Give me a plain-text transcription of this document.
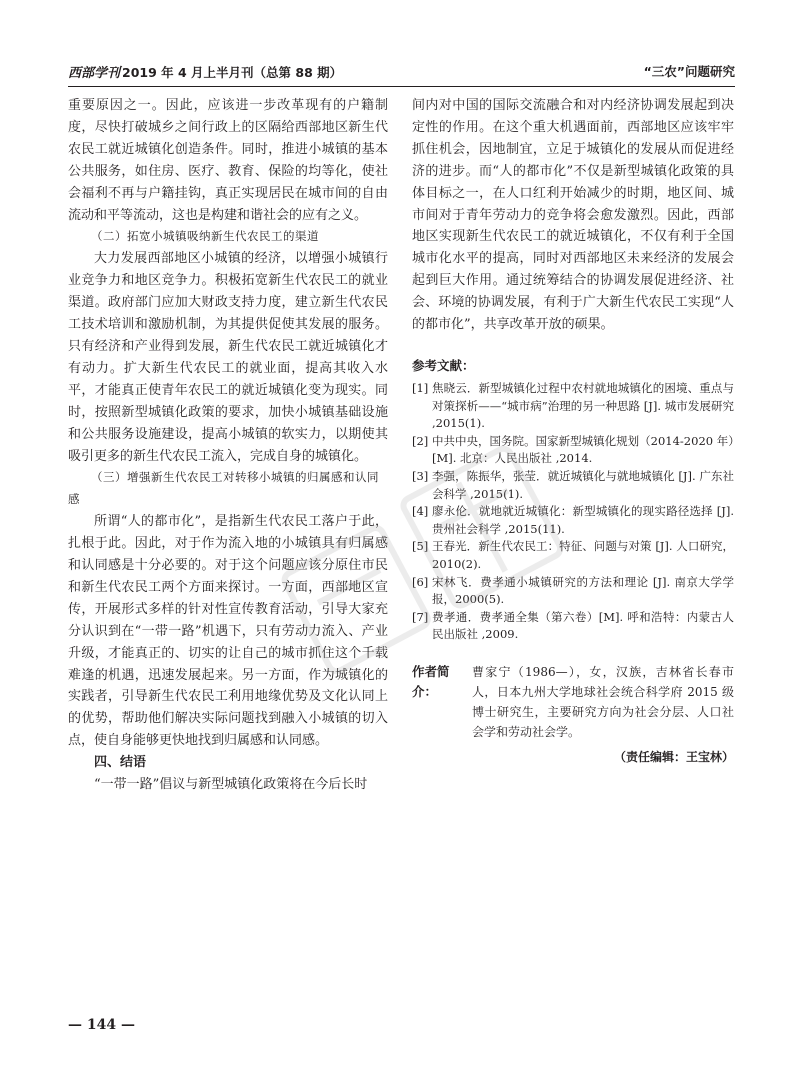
西部学刊 2019 年 4 月上半月刊（总第 88 期）	“三农”问题研究

重要原因之一。因此，应该进一步改革现有的户籍制度，尽快打破城乡之间行政上的区隔给西部地区新生代农民工就近城镇化创造条件。同时，推进小城镇的基本公共服务，如住房、医疗、教育、保险的均等化，使社会福利不再与户籍挂钩，真正实现居民在城市间的自由流动和平等流动，这也是构建和谐社会的应有之义。

（二）拓宽小城镇吸纳新生代农民工的渠道

大力发展西部地区小城镇的经济，以增强小城镇行业竞争力和地区竞争力。积极拓宽新生代农民工的就业渠道。政府部门应加大财政支持力度，建立新生代农民工技术培训和激励机制，为其提供促使其发展的服务。只有经济和产业得到发展，新生代农民工就近城镇化才有动力。扩大新生代农民工的就业面，提高其收入水平，才能真正使青年农民工的就近城镇化变为现实。同时，按照新型城镇化政策的要求，加快小城镇基础设施和公共服务设施建设，提高小城镇的软实力，以期使其吸引更多的新生代农民工流入，完成自身的城镇化。

（三）增强新生代农民工对转移小城镇的归属感和认同感

所谓“人的都市化”，是指新生代农民工落户于此，扎根于此。因此，对于作为流入地的小城镇具有归属感和认同感是十分必要的。对于这个问题应该分原住市民和新生代农民工两个方面来探讨。一方面，西部地区宣传，开展形式多样的针对性宣传教育活动，引导大家充分认识到在“一带一路”机遇下，只有劳动力流入、产业升级，才能真正的、切实的让自己的城市抓住这个千载难逢的机遇，迅速发展起来。另一方面，作为城镇化的实践者，引导新生代农民工利用地缘优势及文化认同上的优势，帮助他们解决实际问题找到融入小城镇的切入点，使自身能够更快地找到归属感和认同感。

四、结语

“一带一路”倡议与新型城镇化政策将在今后长时

间内对中国的国际交流融合和对内经济协调发展起到决定性的作用。在这个重大机遇面前，西部地区应该牢牢抓住机会，因地制宜，立足于城镇化的发展从而促进经济的进步。而“人的都市化”不仅是新型城镇化政策的具体目标之一，在人口红利开始减少的时期，地区间、城市间对于青年劳动力的竞争将会愈发激烈。因此，西部地区实现新生代农民工的就近城镇化，不仅有利于全国城市化水平的提高，同时对西部地区未来经济的发展会起到巨大作用。通过统筹结合的协调发展促进经济、社会、环境的协调发展，有利于广大新生代农民工实现“人的都市化”，共享改革开放的硕果。

参考文献：
[1] 焦晓云．新型城镇化过程中农村就地城镇化的困境、重点与对策探析——“城市病”治理的另一种思路 [J]. 城市发展研究 ,2015(1).
[2] 中共中央，国务院。国家新型城镇化规划（2014-2020 年）[M]. 北京：人民出版社 ,2014.
[3] 李强，陈振华，张莹．就近城镇化与就地城镇化 [J]. 广东社会科学 ,2015(1).
[4] 廖永伦．就地就近城镇化：新型城镇化的现实路径选择 [J]. 贵州社会科学 ,2015(11).
[5] 王春光．新生代农民工：特征、问题与对策 [J]. 人口研究，2010(2).
[6] 宋林飞．费孝通小城镇研究的方法和理论 [J]. 南京大学学报，2000(5).
[7] 费孝通．费孝通全集（第六卷）[M]. 呼和浩特：内蒙古人民出版社 ,2009.
作者简介：
曹家宁（1986—），女，汉族，吉林省长春市人，日本九州大学地球社会统合科学府 2015 级博士研究生，主要研究方向为社会分层、人口社会学和劳动社会学。
（责任编辑：王宝林）
— 144 —
